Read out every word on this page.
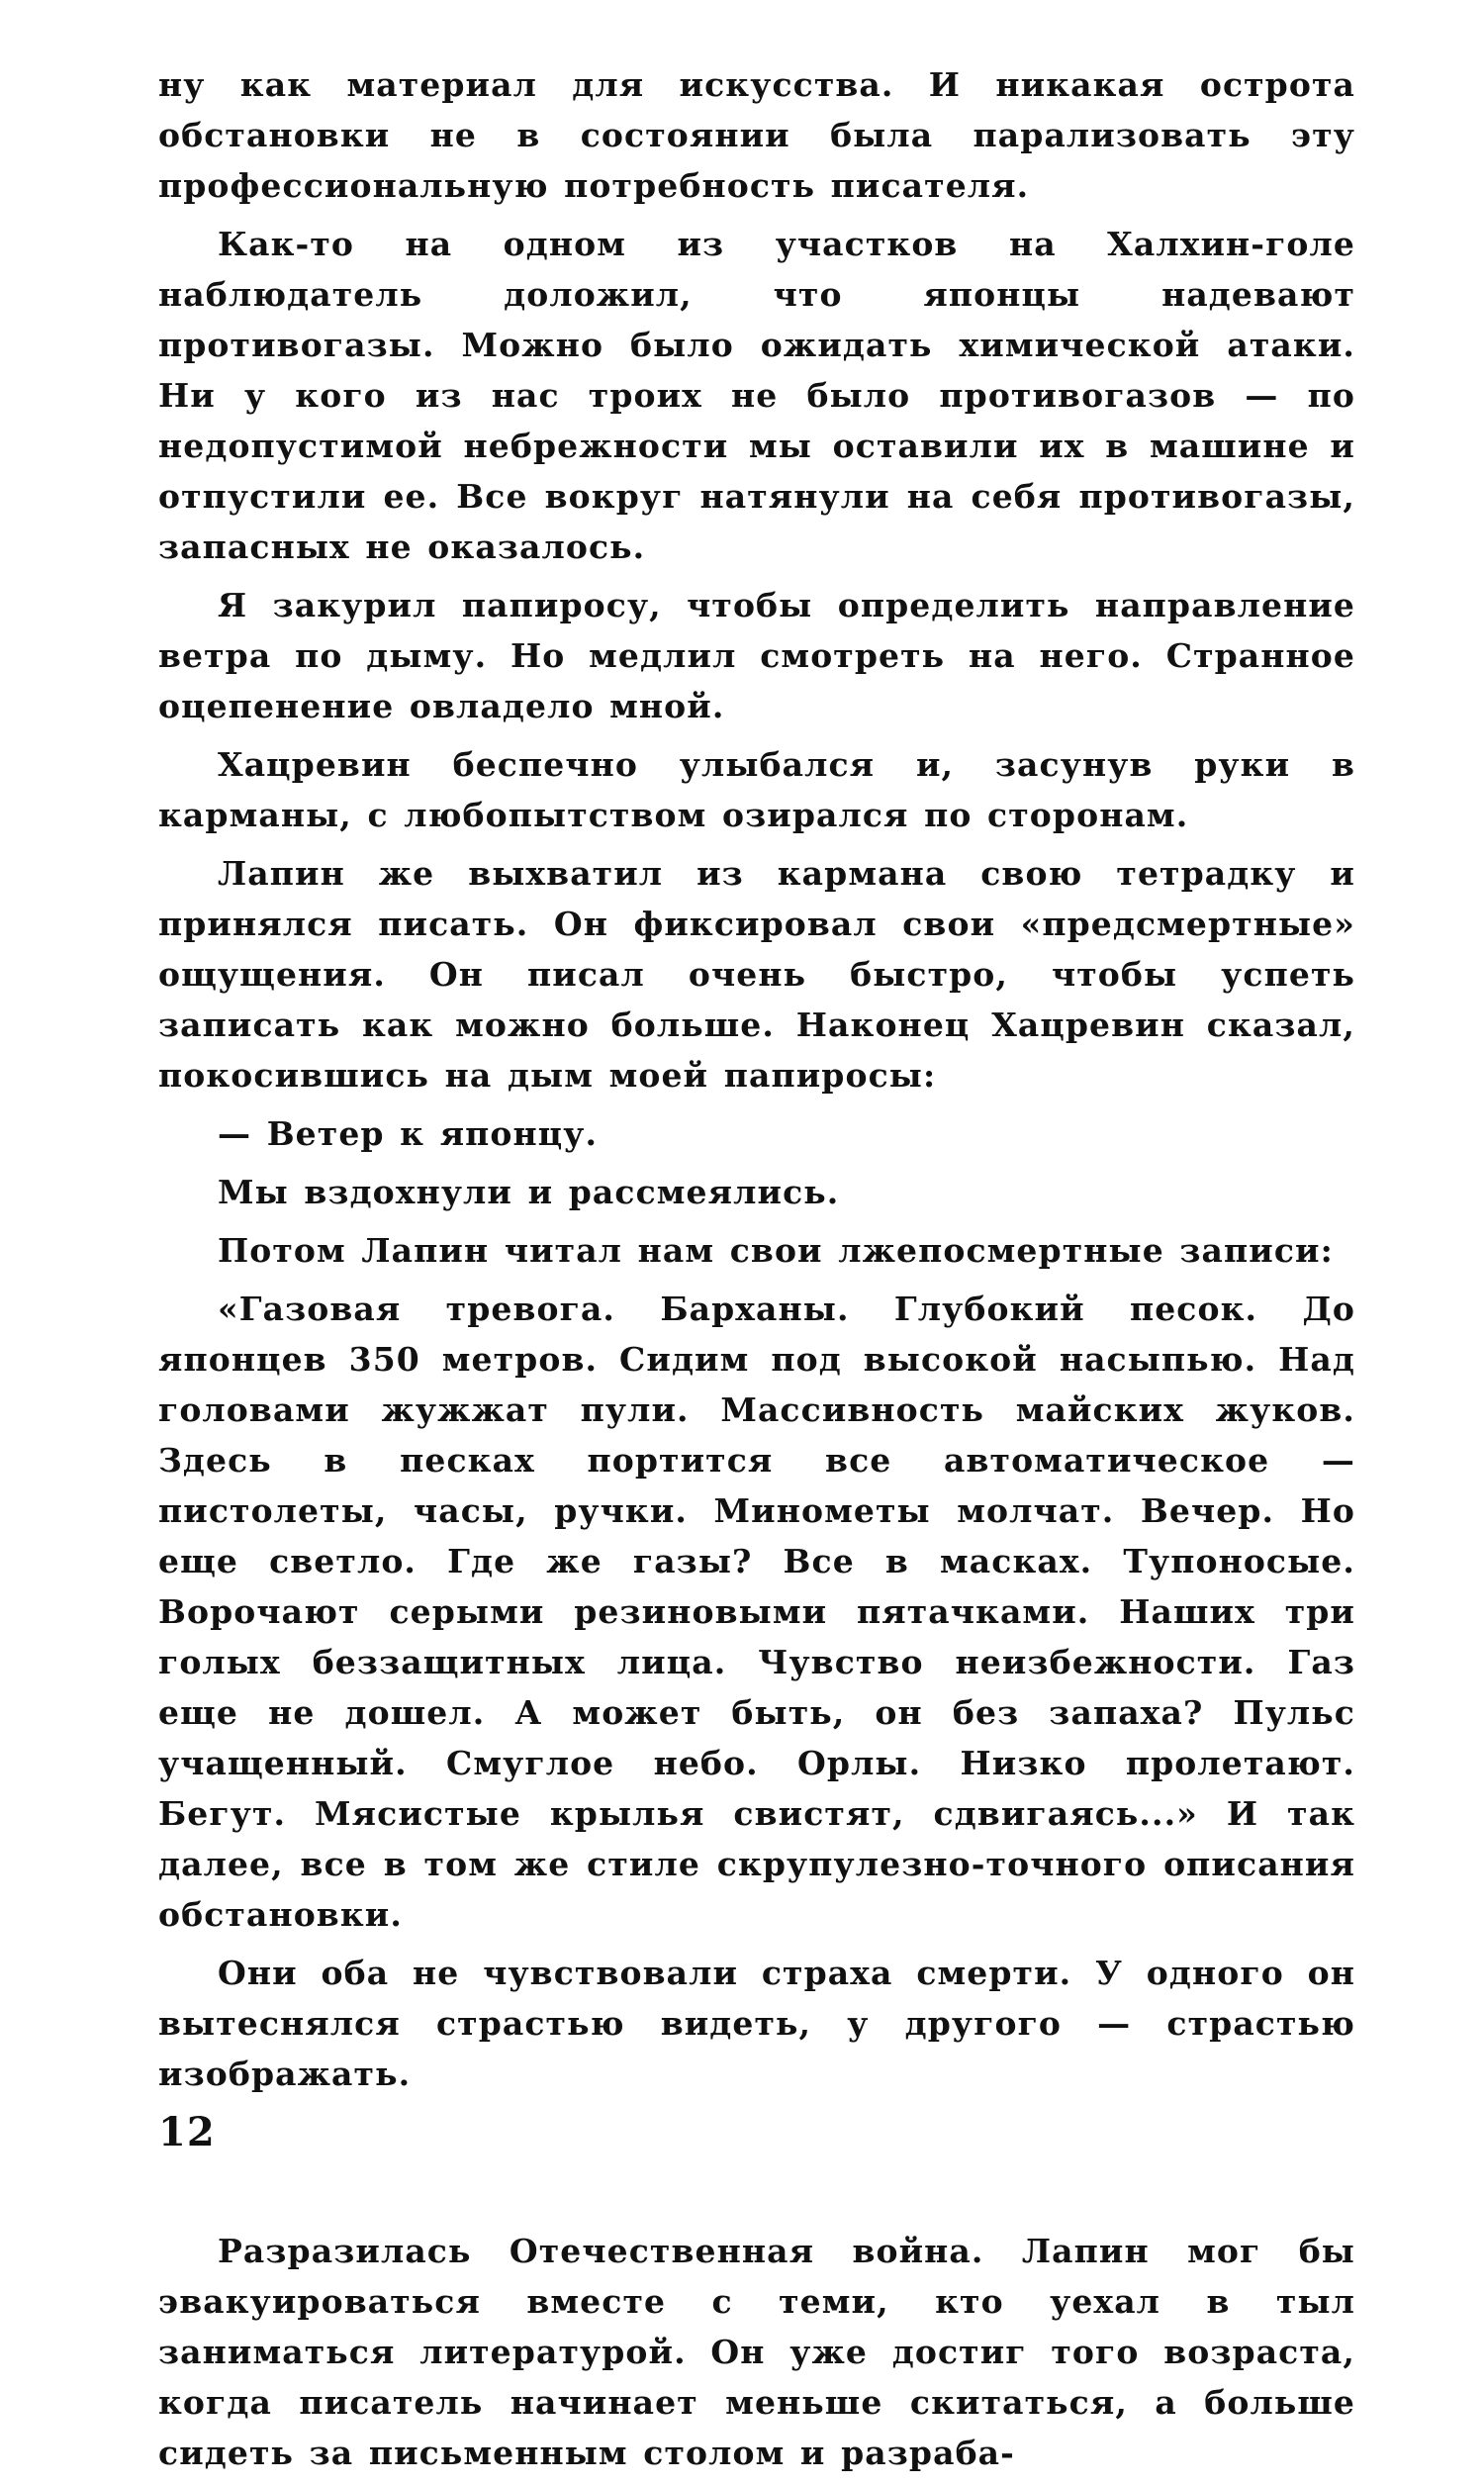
ну как материал для искусства. И никакая острота обстановки не в состоянии была парализовать эту профессиональную потребность писателя.

Как-то на одном из участков на Халхин-голе наблюдатель доложил, что японцы надевают противогазы. Можно было ожидать химической атаки. Ни у кого из нас троих не было противогазов — по недопустимой небрежности мы оставили их в машине и отпустили ее. Все вокруг натянули на себя противогазы, запасных не оказалось.

Я закурил папиросу, чтобы определить направление ветра по дыму. Но медлил смотреть на него. Странное оцепенение овладело мной.

Хацревин беспечно улыбался и, засунув руки в карманы, с любопытством озирался по сторонам.

Лапин же выхватил из кармана свою тетрадку и принялся писать. Он фиксировал свои «предсмертные» ощущения. Он писал очень быстро, чтобы успеть записать как можно больше. Наконец Хацревин сказал, покосившись на дым моей папиросы:

— Ветер к японцу.

Мы вздохнули и рассмеялись.

Потом Лапин читал нам свои лжепосмертные записи:

«Газовая тревога. Барханы. Глубокий песок. До японцев 350 метров. Сидим под высокой насыпью. Над головами жужжат пули. Массивность майских жуков. Здесь в песках портится все автоматическое — пистолеты, часы, ручки. Минометы молчат. Вечер. Но еще светло. Где же газы? Все в масках. Тупоносые. Ворочают серыми резиновыми пятачками. Наших три голых беззащитных лица. Чувство неизбежности. Газ еще не дошел. А может быть, он без запаха? Пульс учащенный. Смуглое небо. Орлы. Низко пролетают. Бегут. Мясистые крылья свистят, сдвигаясь...» И так далее, все в том же стиле скрупулезно-точного описания обстановки.

Они оба не чувствовали страха смерти. У одного он вытеснялся страстью видеть, у другого — страстью изображать.

Разразилась Отечественная война. Лапин мог бы эвакуироваться вместе с теми, кто уехал в тыл заниматься литературой. Он уже достиг того возраста, когда писатель начинает меньше скитаться, а больше сидеть за письменным столом и разраба-

12
